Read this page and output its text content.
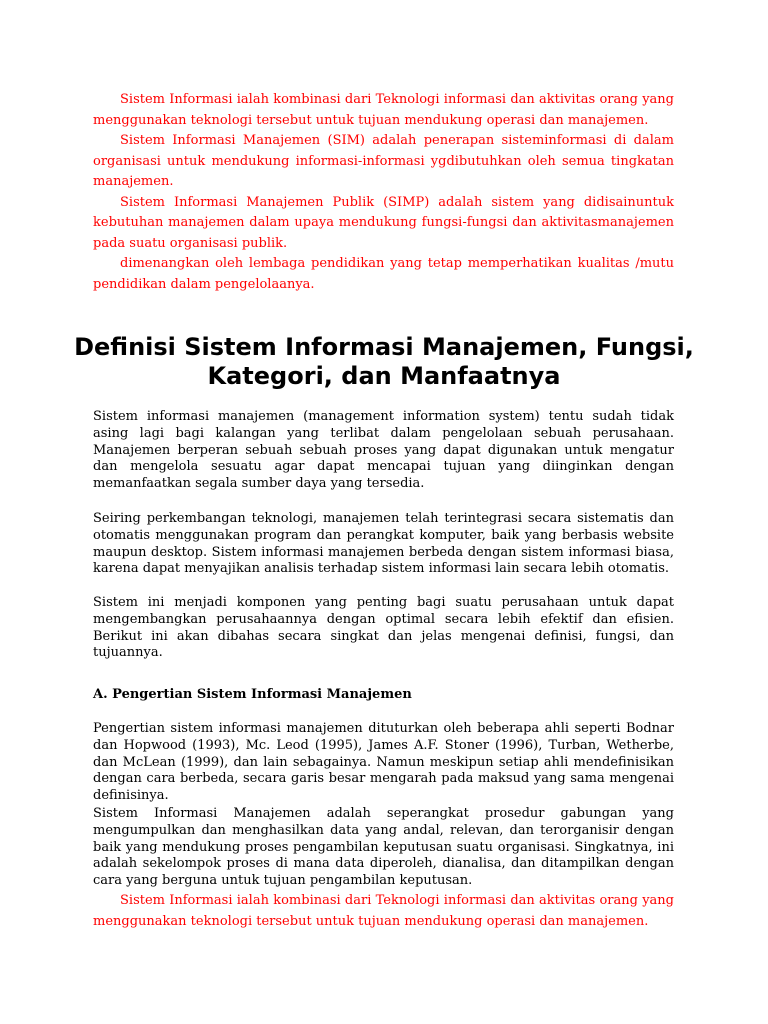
Sistem Informasi ialah kombinasi dari Teknologi informasi dan aktivitas orang yang menggunakan teknologi tersebut untuk tujuan mendukung operasi dan manajemen.

Sistem Informasi Manajemen (SIM) adalah penerapan sisteminformasi di dalam organisasi untuk mendukung informasi-informasi ygdibutuhkan oleh semua tingkatan manajemen.

Sistem Informasi Manajemen Publik (SIMP) adalah sistem yang didisainuntuk kebutuhan manajemen dalam upaya mendukung fungsi-fungsi dan aktivitasmanajemen pada suatu organisasi publik.

dimenangkan oleh lembaga pendidikan yang tetap memperhatikan kualitas /mutu pendidikan dalam pengelolaanya.

Definisi Sistem Informasi Manajemen, Fungsi, Kategori, dan Manfaatnya

Sistem informasi manajemen (management information system) tentu sudah tidak asing lagi bagi kalangan yang terlibat dalam pengelolaan sebuah perusahaan. Manajemen berperan sebuah sebuah proses yang dapat digunakan untuk mengatur dan mengelola sesuatu agar dapat mencapai tujuan yang diinginkan dengan memanfaatkan segala sumber daya yang tersedia.

Seiring perkembangan teknologi, manajemen telah terintegrasi secara sistematis dan otomatis menggunakan program dan perangkat komputer, baik yang berbasis website maupun desktop. Sistem informasi manajemen berbeda dengan sistem informasi biasa, karena dapat menyajikan analisis terhadap sistem informasi lain secara lebih otomatis.

Sistem ini menjadi komponen yang penting bagi suatu perusahaan untuk dapat mengembangkan perusahaannya dengan optimal secara lebih efektif dan efisien. Berikut ini akan dibahas secara singkat dan jelas mengenai definisi, fungsi, dan tujuannya.

A. Pengertian Sistem Informasi Manajemen

Pengertian sistem informasi manajemen dituturkan oleh beberapa ahli seperti Bodnar dan Hopwood (1993), Mc. Leod (1995), James A.F. Stoner (1996), Turban, Wetherbe, dan McLean (1999), dan lain sebagainya. Namun meskipun setiap ahli mendefinisikan dengan cara berbeda, secara garis besar mengarah pada maksud yang sama mengenai definisinya.

Sistem Informasi Manajemen adalah seperangkat prosedur gabungan yang mengumpulkan dan menghasilkan data yang andal, relevan, dan terorganisir dengan baik yang mendukung proses pengambilan keputusan suatu organisasi. Singkatnya, ini adalah sekelompok proses di mana data diperoleh, dianalisa, dan ditampilkan dengan cara yang berguna untuk tujuan pengambilan keputusan.

Sistem Informasi ialah kombinasi dari Teknologi informasi dan aktivitas orang yang menggunakan teknologi tersebut untuk tujuan mendukung operasi dan manajemen.
